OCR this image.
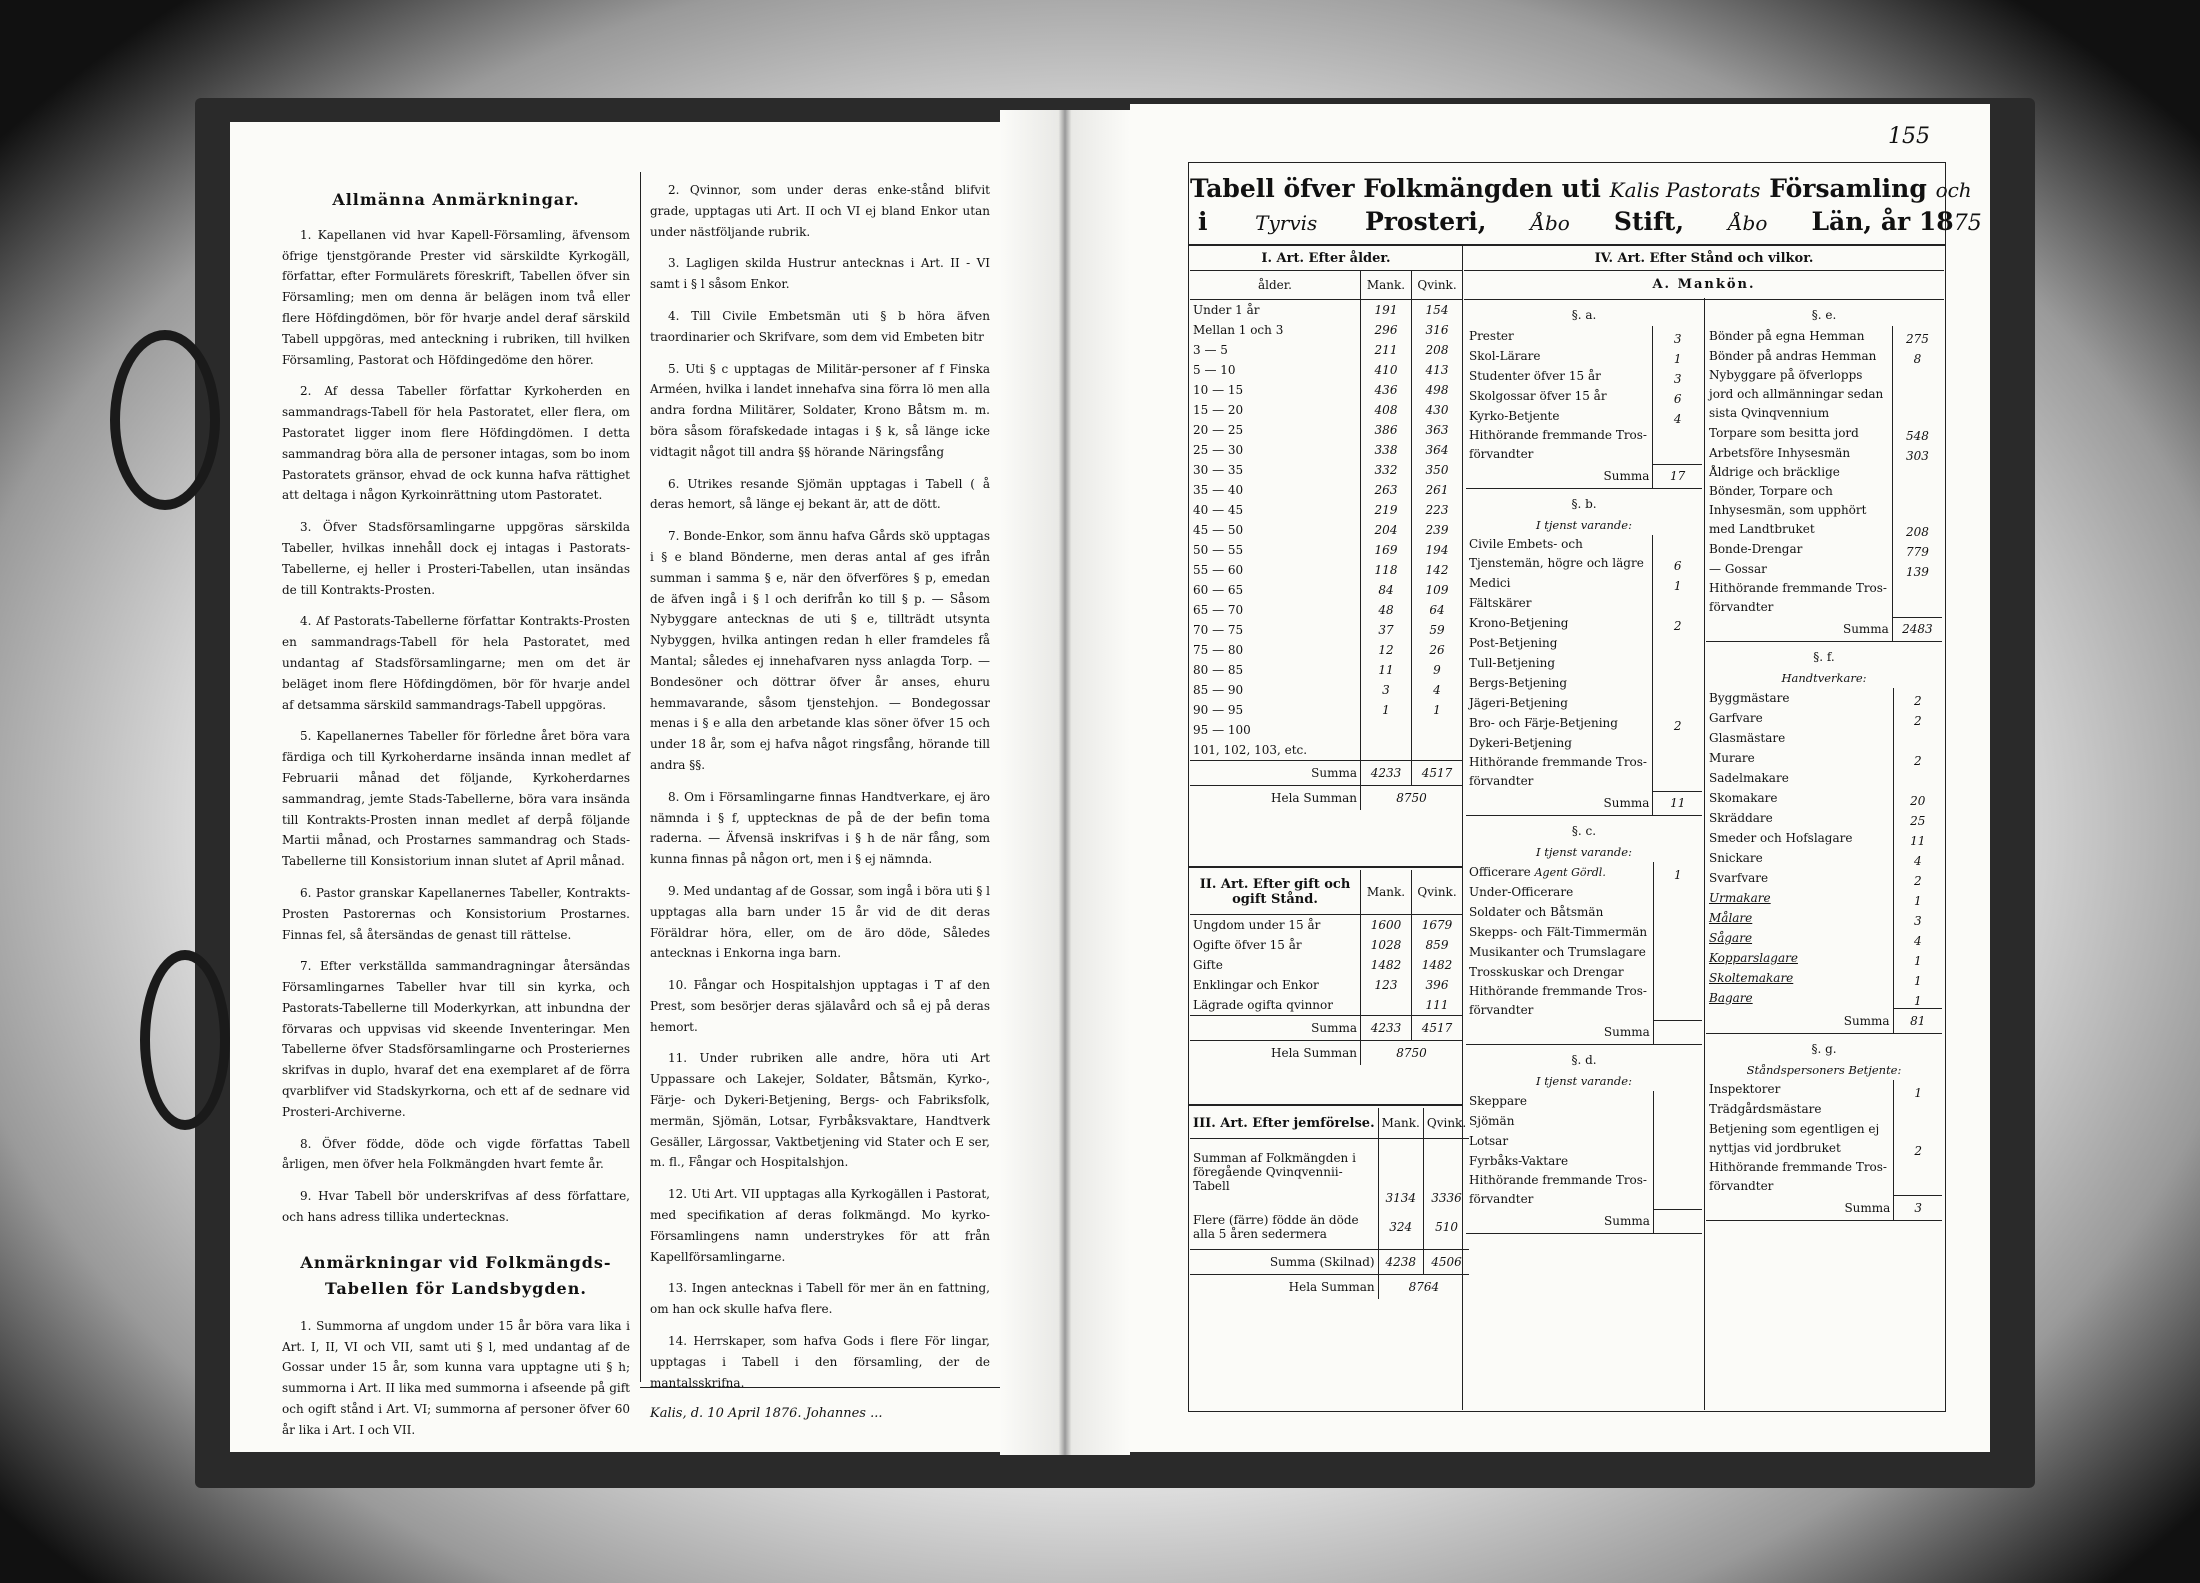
Allmänna Anmärkningar.

1. Kapellanen vid hvar Kapell-Församling, äfvensom öfrige tjenstgörande Prester vid särskildte Kyrkogäll, författar, efter Formulärets föreskrift, Tabellen öfver sin Församling; men om denna är belägen inom två eller flere Höfdingdömen, bör för hvarje andel deraf särskild Tabell uppgöras, med anteckning i rubriken, till hvilken Församling, Pastorat och Höfdingedöme den hörer.

2. Af dessa Tabeller författar Kyrkoherden en sammandrags-Tabell för hela Pastoratet, eller flera, om Pastoratet ligger inom flere Höfdingdömen. I detta sammandrag böra alla de personer intagas, som bo inom Pastoratets gränsor, ehvad de ock kunna hafva rättighet att deltaga i någon Kyrkoinrättning utom Pastoratet.

3. Öfver Stadsförsamlingarne uppgöras särskilda Tabeller, hvilkas innehåll dock ej intagas i Pastorats-Tabellerne, ej heller i Prosteri-Tabellen, utan insändas de till Kontrakts-Prosten.

4. Af Pastorats-Tabellerne författar Kontrakts-Prosten en sammandrags-Tabell för hela Pastoratet, med undantag af Stadsförsamlingarne; men om det är beläget inom flere Höfdingdömen, bör för hvarje andel af detsamma särskild sammandrags-Tabell uppgöras.

5. Kapellanernes Tabeller för förledne året böra vara färdiga och till Kyrkoherdarne insända innan medlet af Februarii månad det följande, Kyrkoherdarnes sammandrag, jemte Stads-Tabellerne, böra vara insända till Kontrakts-Prosten innan medlet af derpå följande Martii månad, och Prostarnes sammandrag och Stads-Tabellerne till Konsistorium innan slutet af April månad.

6. Pastor granskar Kapellanernes Tabeller, Kontrakts-Prosten Pastorernas och Konsistorium Prostarnes. Finnas fel, så återsändas de genast till rättelse.

7. Efter verkställda sammandragningar återsändas Församlingarnes Tabeller hvar till sin kyrka, och Pastorats-Tabellerne till Moderkyrkan, att inbundna der förvaras och uppvisas vid skeende Inventeringar. Men Tabellerne öfver Stadsförsamlingarne och Prosteriernes skrifvas in duplo, hvaraf det ena exemplaret af de förra qvarblifver vid Stadskyrkorna, och ett af de sednare vid Prosteri-Archiverne.

8. Öfver födde, döde och vigde författas Tabell årligen, men öfver hela Folkmängden hvart femte år.

9. Hvar Tabell bör underskrifvas af dess författare, och hans adress tillika undertecknas.

Anmärkningar vid Folkmängds-Tabellen för Landsbygden.

1. Summorna af ungdom under 15 år böra vara lika i Art. I, II, VI och VII, samt uti § l, med undantag af de Gossar under 15 år, som kunna vara upptagne uti § h; summorna i Art. II lika med summorna i afseende på gift och ogift stånd i Art. VI; summorna af personer öfver 60 år lika i Art. I och VII.

2. Qvinnor, som under deras enke-stånd blifvit grade, upptagas uti Art. II och VI ej bland Enkor utan under nästföljande rubrik.

3. Lagligen skilda Hustrur antecknas i Art. II - VI samt i § l såsom Enkor.

4. Till Civile Embetsmän uti § b höra äfven traordinarier och Skrifvare, som dem vid Embeten bitr

5. Uti § c upptagas de Militär-personer af f Finska Arméen, hvilka i landet innehafva sina förra lö men alla andra fordna Militärer, Soldater, Krono Båtsm m. m. böra såsom förafskedade intagas i § k, så länge icke vidtagit något till andra §§ hörande Näringsfång

6. Utrikes resande Sjömän upptagas i Tabell ( å deras hemort, så länge ej bekant är, att de dött.

7. Bonde-Enkor, som ännu hafva Gårds skö upptagas i § e bland Bönderne, men deras antal af ges ifrån summan i samma § e, när den öfverföres § p, emedan de äfven ingå i § l och derifrån ko till § p. — Såsom Nybyggare antecknas de uti § e, tillträdt utsynta Nybyggen, hvilka antingen redan h eller framdeles få Mantal; således ej innehafvaren nyss anlagda Torp. — Bondesöner och döttrar öfver år anses, ehuru hemmavarande, såsom tjenstehjon. — Bondegossar menas i § e alla den arbetande klas söner öfver 15 och under 18 år, som ej hafva något ringsfång, hörande till andra §§.

8. Om i Församlingarne finnas Handtverkare, ej äro nämnda i § f, upptecknas de på de der befin toma raderna. — Äfvensä inskrifvas i § h de när fång, som kunna finnas på någon ort, men i § ej nämnda.

9. Med undantag af de Gossar, som ingå i böra uti § l upptagas alla barn under 15 år vid de dit deras Föräldrar höra, eller, om de äro döde, Således antecknas i Enkorna inga barn.

10. Fångar och Hospitalshjon upptagas i T af den Prest, som besörjer deras själavård och så ej på deras hemort.

11. Under rubriken alle andre, höra uti Art Uppassare och Lakejer, Soldater, Båtsmän, Kyrko-, Färje- och Dykeri-Betjening, Bergs- och Fabriksfolk, mermän, Sjömän, Lotsar, Fyrbåksvaktare, Handtverk Gesäller, Lärgossar, Vaktbetjening vid Stater och E ser, m. fl., Fångar och Hospitalshjon.

12. Uti Art. VII upptagas alla Kyrkogällen i Pastorat, med specifikation af deras folkmängd. Mo kyrko-Församlingens namn understrykes för att från Kapellförsamlingarne.

13. Ingen antecknas i Tabell för mer än en fattning, om han ock skulle hafva flere.

14. Herrskaper, som hafva Gods i flere För lingar, upptagas i Tabell i den församling, der de mantalsskrifna.

Kalis, d. 10 April 1876. Johannes ...
155
Tabell öfver Folkmängden uti Kalis Pastorats Församling och
i Tyrvis Prosteri, Åbo Stift, Åbo Län, år 1875
I. Art. Efter ålder.
ålder.	Mank.	Qvink.
Under 1 år	191	154
Mellan 1 och 3	296	316
3 — 5	211	208
5 — 10	410	413
10 — 15	436	498
15 — 20	408	430
20 — 25	386	363
25 — 30	338	364
30 — 35	332	350
35 — 40	263	261
40 — 45	219	223
45 — 50	204	239
50 — 55	169	194
55 — 60	118	142
60 — 65	84	109
65 — 70	48	64
70 — 75	37	59
75 — 80	12	26
80 — 85	11	9
85 — 90	3	4
90 — 95	1	1
95 — 100		
101, 102, 103, etc.		
Summa	4233	4517
Hela Summan	8750	
II. Art. Efter gift och ogift Stånd.	Mank.	Qvink.
Ungdom under 15 år	1600	1679
Ogifte öfver 15 år	1028	859
Gifte	1482	1482
Enklingar och Enkor	123	396
Lägrade ogifta qvinnor		111
Summa	4233	4517
Hela Summan	8750	
III. Art. Efter jemförelse.	Mank.	Qvink.
Summan af Folkmängden i föregående Qvinqvennii-Tabell	3134	3336
Flere (färre) födde än döde alla 5 åren sedermera	324	510
Summa (Skilnad)	4238	4506
Hela Summan	8764	
IV. Art. Efter Stånd och vilkor.
A. Mankön.
§. a.
Prester	3
Skol-Lärare	1
Studenter öfver 15 år	3
Skolgossar öfver 15 år	6
Kyrko-Betjente	4
Hithörande fremmande Tros-förvandter	
Summa	17
§. b.
I tjenst varande:
Civile Embets- och Tjenstemän, högre och lägre	6
Medici	1
Fältskärer	
Krono-Betjening	2
Post-Betjening	
Tull-Betjening	
Bergs-Betjening	
Jägeri-Betjening	
Bro- och Färje-Betjening	2
Dykeri-Betjening	
Hithörande fremmande Tros-förvandter	
Summa	11
§. c.
I tjenst varande:
Officerare Agent Gördl.	1
Under-Officerare	
Soldater och Båtsmän	
Skepps- och Fält-Timmermän	
Musikanter och Trumslagare	
Trosskuskar och Drengar	
Hithörande fremmande Tros-förvandter	
Summa	
§. d.
I tjenst varande:
Skeppare	
Sjömän	
Lotsar	
Fyrbåks-Vaktare	
Hithörande fremmande Tros-förvandter	
Summa	
§. e.
Bönder på egna Hemman	275
Bönder på andras Hemman	8
Nybyggare på öfverlopps jord och allmänningar sedan sista Qvinqvennium	
Torpare som besitta jord	548
Arbetsföre Inhysesmän	303
Åldrige och bräcklige Bönder, Torpare och Inhysesmän, som upphört med Landtbruket	208
Bonde-Drengar	779
— Gossar	139
Hithörande fremmande Tros-förvandter	
Summa	2483
§. f.
Handtverkare:
Byggmästare	2
Garfvare	2
Glasmästare	
Murare	2
Sadelmakare	
Skomakare	20
Skräddare	25
Smeder och Hofslagare	11
Snickare	4
Svarfvare	2
Urmakare	1
Målare	3
Sågare	4
Kopparslagare	1
Skoltemakare	1
Bagare	1
Summa	81
§. g.
Ståndspersoners Betjente:
Inspektorer	1
Trädgårdsmästare	
Betjening som egentligen ej nyttjas vid jordbruket	2
Hithörande fremmande Tros-förvandter	
Summa	3
